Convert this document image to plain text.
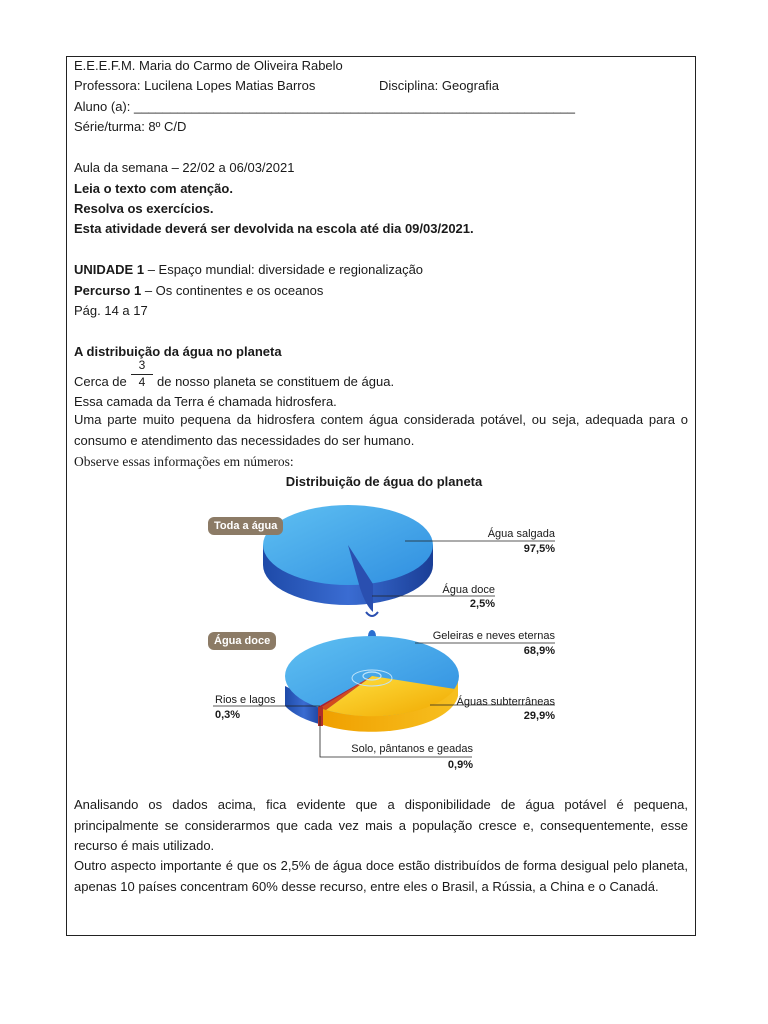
E.E.E.F.M. Maria do Carmo de Oliveira Rabelo
Professora: Lucilena Lopes Matias Barros	Disciplina: Geografia
Aluno (a): _____________________________________________________________
Série/turma: 8º C/D
Aula da semana – 22/02 a 06/03/2021
Leia o texto com atenção.
Resolva os exercícios.
Esta atividade deverá ser devolvida na escola até dia 09/03/2021.
UNIDADE 1 – Espaço mundial: diversidade e regionalização
Percurso 1 – Os continentes e os oceanos
Pág. 14 a 17
A distribuição da água no planeta
Cerca de
3
4 de nosso planeta se constituem de água.
Essa camada da Terra é chamada hidrosfera.
Uma parte muito pequena da hidrosfera contem água considerada potável, ou seja, adequada para o consumo e atendimento das necessidades do ser humano.
Observe essas informações em números:
Distribuição de água do planeta
Toda a água
Água doce
Água salgada
97,5%
Água doce
2,5%
Geleiras e neves eternas
68,9%
Águas subterrâneas
29,9%
Solo, pântanos e geadas
0,9%
Rios e lagos
0,3%
Analisando os dados acima, fica evidente que a disponibilidade de água potável é pequena, principalmente se considerarmos que cada vez mais a população cresce e, consequentemente, esse recurso é mais utilizado.
Outro aspecto importante é que os 2,5% de água doce estão distribuídos de forma desigual pelo planeta, apenas 10 países concentram 60% desse recurso, entre eles o Brasil, a Rússia, a China e o Canadá.
